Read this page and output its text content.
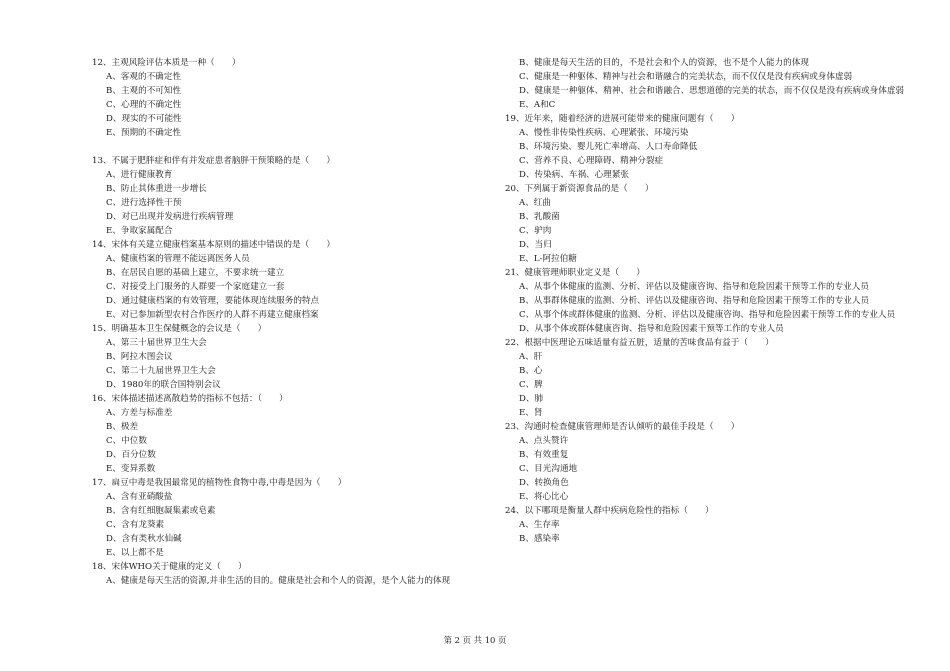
12、主观风险评估本质是一种（　　）
A、客观的不确定性
B、主观的不可知性
C、心理的不确定性
D、现实的不可能性
E、预期的不确定性
13、不属于肥胖症和伴有并发症患者脑胖干预策略的是（　　）
A、进行健康教育
B、防止其体重进一步增长
C、进行选择性干预
D、对已出现并发病进行疾病管理
E、争取家属配合
14、宋体有关建立健康档案基本原则的描述中错误的是（　　）
A、健康档案的管理不能远离医务人员
B、在居民自愿的基础上建立，不要求统一建立
C、对接受上门服务的人群要一个家庭建立一套
D、通过健康档案的有效管理，要能体现连续服务的特点
E、对已参加新型农村合作医疗的人群不再建立健康档案
15、明确基本卫生保健概念的会议是（　　）
A、第三十届世界卫生大会
B、阿拉木图会议
C、第二十九届世界卫生大会
D、1980年的联合国特别会议
16、宋体描述描述离散趋势的指标不包括：（　　）
A、方差与标准差
B、极差
C、中位数
D、百分位数
E、变异系数
17、扁豆中毒是我国最常见的植物性食物中毒,中毒是因为（　　）
A、含有亚硝酸盐
B、含有红细胞凝集素或皂素
C、含有龙葵素
D、含有类秋水仙碱
E、以上都不是
18、宋体WHO关于健康的定义（　　）
A、健康是每天生活的资源,并非生活的目的。健康是社会和个人的资源，是个人能力的体现
B、健康是每天生活的目的，不是社会和个人的资源，也不是个人能力的体现
C、健康是一种躯体、精神与社会和谐融合的完美状态，而不仅仅是没有疾病或身体虚弱
D、健康是一种躯体、精神、社会和谐融合、思想道德的完美的状态，而不仅仅是没有疾病或身体虚弱
E、A和C
19、近年来，随着经济的进展可能带来的健康问题有（　　）
A、慢性非传染性疾病、心理紧张、环境污染
B、环境污染、婴儿死亡率增高、人口寿命降低
C、营养不良、心理障碍、精神分裂症
D、传染病、车祸、心理紧张
20、下列属于新资源食品的是（　　）
A、红曲
B、乳酸菌
C、驴肉
D、当归
E、L-阿拉伯糖
21、健康管理师职业定义是（　　）
A、从事个体健康的监测、分析、评估以及健康咨询、指导和危险因素干预等工作的专业人员
B、从事群体健康的监测、分析、评估以及健康咨询、指导和危险因素干预等工作的专业人员
C、从事个体或群体健康的监测、分析、评估以及健康咨询、指导和危险因素干预等工作的专业人员
D、从事个体或群体健康咨询、指导和危险因素干预等工作的专业人员
22、根据中医理论五味适量有益五脏，适量的苦味食品有益于（　　）
A、肝
B、心
C、脾
D、肺
E、肾
23、沟通时检查健康管理师是否认倾听的最佳手段是（　　）
A、点头赞许
B、有效重复
C、目光沟通地
D、转换角色
E、将心比心
24、以下哪项是衡量人群中疾病危险性的指标（　　）
A、生存率
B、感染率
第 2 页 共 10 页
